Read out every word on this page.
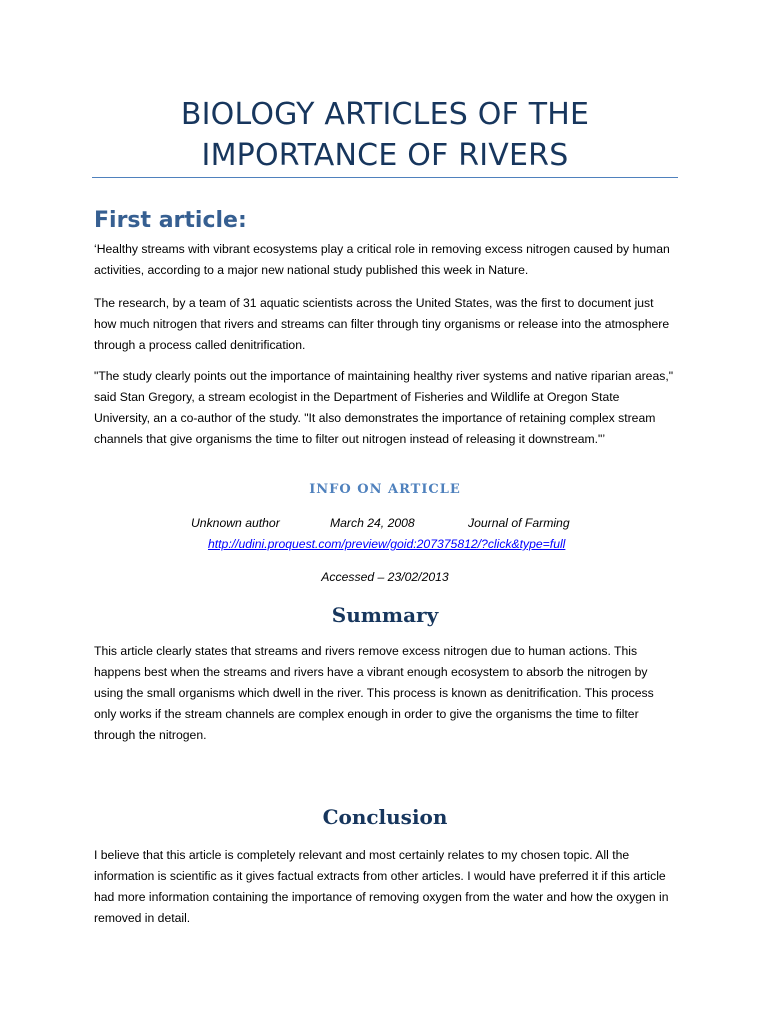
BIOLOGY ARTICLES OF THE
IMPORTANCE OF RIVERS
First article:

‘Healthy streams with vibrant ecosystems play a critical role in removing excess nitrogen caused by human activities, according to a major new national study published this week in Nature.

The research, by a team of 31 aquatic scientists across the United States, was the first to document just how much nitrogen that rivers and streams can filter through tiny organisms or release into the atmosphere through a process called denitrification.

"The study clearly points out the importance of maintaining healthy river systems and native riparian areas," said Stan Gregory, a stream ecologist in the Department of Fisheries and Wildlife at Oregon State University, an a co-author of the study. "It also demonstrates the importance of retaining complex stream channels that give organisms the time to filter out nitrogen instead of releasing it downstream."’

INFO ON ARTICLE
Unknown author	March 24, 2008	Journal of Farming
http://udini.proquest.com/preview/goid:207375812/?click&type=full
Accessed – 23/02/2013
Summary

This article clearly states that streams and rivers remove excess nitrogen due to human actions. This happens best when the streams and rivers have a vibrant enough ecosystem to absorb the nitrogen by using the small organisms which dwell in the river. This process is known as denitrification. This process only works if the stream channels are complex enough in order to give the organisms the time to filter through the nitrogen.

Conclusion

I believe that this article is completely relevant and most certainly relates to my chosen topic. All the information is scientific as it gives factual extracts from other articles. I would have preferred it if this article had more information containing the importance of removing oxygen from the water and how the oxygen in removed in detail.
